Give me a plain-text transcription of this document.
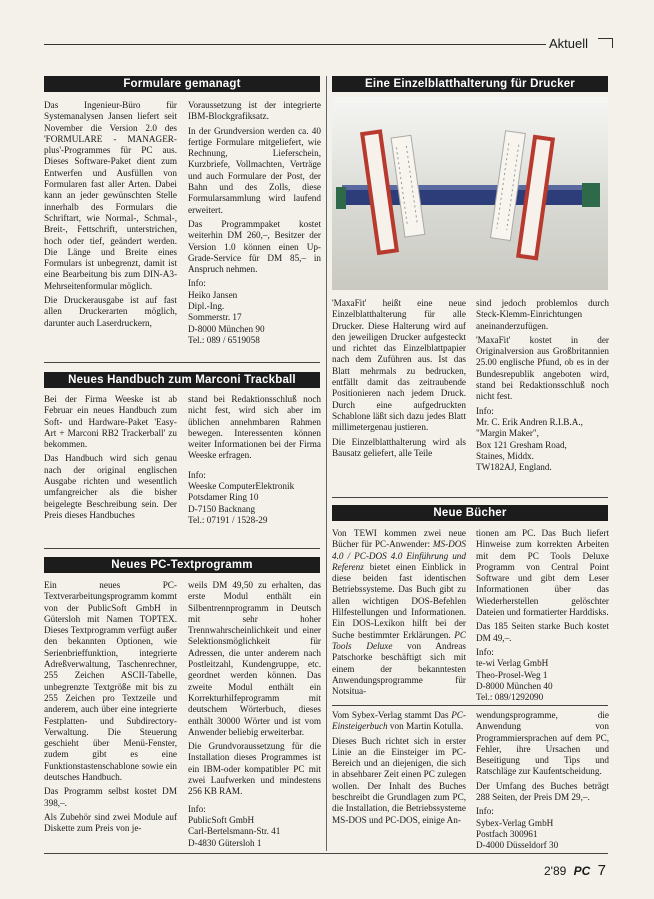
Aktuell
Formulare gemanagt

Das Ingenieur-Büro für Systemanalysen Jansen liefert seit November die Version 2.0 des 'FORMULARE - MANAGER-plus'-Programmes für PC aus. Dieses Software-Paket dient zum Entwerfen und Ausfüllen von Formularen fast aller Arten. Dabei kann an jeder gewünschten Stelle innerhalb des Formulars die Schriftart, wie Normal-, Schmal-, Breit-, Fettschrift, unterstrichen, hoch oder tief, geändert werden. Die Länge und Breite eines Formulars ist unbegrenzt, damit ist eine Bearbeitung bis zum DIN-A3-Mehrseitenformular möglich.

Die Druckerausgabe ist auf fast allen Druckerarten möglich, darunter auch Laserdruckern,

Voraussetzung ist der integrierte IBM-Blockgrafiksatz.

In der Grundversion werden ca. 40 fertige Formulare mitgeliefert, wie Rechnung, Lieferschein, Kurzbriefe, Vollmachten, Verträge und auch Formulare der Post, der Bahn und des Zolls, diese Formularsammlung wird laufend erweitert.

Das Programmpaket kostet weiterhin DM 260,–, Besitzer der Version 1.0 können einen Up-Grade-Service für DM 85,– in Anspruch nehmen.

Info:
Heiko Jansen
Dipl.-Ing.
Sommerstr. 17
D-8000 München 90
Tel.: 089 / 6519058
Neues Handbuch zum Marconi Trackball

Bei der Firma Weeske ist ab Februar ein neues Handbuch zum Soft- und Hardware-Paket 'Easy-Art + Marconi RB2 Trackerball' zu bekommen.

Das Handbuch wird sich genau nach der original englischen Ausgabe richten und wesentlich umfangreicher als die bisher beigelegte Beschreibung sein. Der Preis dieses Handbuches

stand bei Redaktionsschluß noch nicht fest, wird sich aber im üblichen annehmbaren Rahmen bewegen. Interessenten können weiter Informationen bei der Firma Weeske erfragen.

Info:
Weeske ComputerElektronik
Potsdamer Ring 10
D-7150 Backnang
Tel.: 07191 / 1528-29
Neues PC-Textprogramm

Ein neues PC-Textverarbeitungsprogramm kommt von der PublicSoft GmbH in Gütersloh mit Namen TOPTEX. Dieses Textprogramm verfügt außer den bekannten Optionen, wie Serienbrieffunktion, integrierte Adreßverwaltung, Taschenrechner, 255 Zeichen ASCII-Tabelle, unbegrenzte Textgröße mit bis zu 255 Zeichen pro Textzeile und anderem, auch über eine integrierte Festplatten- und Subdirectory-Verwaltung. Die Steuerung geschieht über Menü-Fenster, zudem gibt es eine Funktionstastenschablone sowie ein deutsches Handbuch.

Das Programm selbst kostet DM 398,–.

Als Zubehör sind zwei Module auf Diskette zum Preis von je-

weils DM 49,50 zu erhalten, das erste Modul enthält ein Silbentrennprogramm in Deutsch mit sehr hoher Trennwahrscheinlichkeit und einer Selektionsmöglichkeit für Adressen, die unter anderem nach Postleitzahl, Kundengruppe, etc. geordnet werden können. Das zweite Modul enthält ein Korrekturhilfeprogramm mit deutschem Wörterbuch, dieses enthält 30000 Wörter und ist vom Anwender beliebig erweiterbar.

Die Grundvoraussetzung für die Installation dieses Programmes ist ein IBM-oder kompatibler PC mit zwei Laufwerken und mindestens 256 KB RAM.

Info:
PublicSoft GmbH
Carl-Bertelsmann-Str. 41
D-4830 Gütersloh 1
Eine Einzelblatthalterung für Drucker

'MaxaFit' heißt eine neue Einzelblatthalterung für alle Drucker. Diese Halterung wird auf den jeweiligen Drucker aufgesteckt und richtet das Einzelblattpapier nach dem Zuführen aus. Ist das Blatt mehrmals zu bedrucken, entfällt damit das zeitraubende Positionieren nach jedem Druck. Durch eine aufgedruckten Schablone läßt sich dazu jedes Blatt millimetergenau justieren.

Die Einzelblatthalterung wird als Bausatz geliefert, alle Teile

sind jedoch problemlos durch Steck-Klemm-Einrichtungen aneinanderzufügen.

'MaxaFit' kostet in der Originalversion aus Großbritannien 25.00 englische Pfund, ob es in der Bundesrepublik angeboten wird, stand bei Redaktionsschluß noch nicht fest.

Info:
Mr. C. Erik Andren R.I.B.A.,
"Margin Maker",
Box 121 Gresham Road,
Staines, Middx.
TW182AJ, England.
Neue Bücher

Von TEWI kommen zwei neue Bücher für PC-Anwender: MS-DOS 4.0 / PC-DOS 4.0 Einführung und Referenz bietet einen Einblick in diese beiden fast identischen Betriebssysteme. Das Buch gibt zu allen wichtigen DOS-Befehlen Hilfestellungen und Informationen. Ein DOS-Lexikon hilft bei der Suche bestimmter Erklärungen. PC Tools Deluxe von Andreas Patschorke beschäftigt sich mit einem der bekanntesten Anwendungsprogramme für Notsitua-

tionen am PC. Das Buch liefert Hinweise zum korrekten Arbeiten mit dem PC Tools Deluxe Programm von Central Point Software und gibt dem Leser Informationen über das Wiederherstellen gelöschter Dateien und formatierter Harddisks.

Das 185 Seiten starke Buch kostet DM 49,–.

Info:
te-wi Verlag GmbH
Theo-Prosel-Weg 1
D-8000 München 40
Tel.: 089/1292090

Vom Sybex-Verlag stammt Das PC-Einsteigerbuch von Martin Kotulla.

Dieses Buch richtet sich in erster Linie an die Einsteiger im PC-Bereich und an diejenigen, die sich in absehbarer Zeit einen PC zulegen wollen. Der Inhalt des Buches beschreibt die Grundlagen zum PC, die Installation, die Betriebssysteme MS-DOS und PC-DOS, einige An-

wendungsprogramme, die Anwendung von Programmiersprachen auf dem PC, Fehler, ihre Ursachen und Beseitigung und Tips und Ratschläge zur Kaufentscheidung.

Der Umfang des Buches beträgt 288 Seiten, der Preis DM 29,–.

Info:
Sybex-Verlag GmbH
Postfach 300961
D-4000 Düsseldorf 30
2'89 PC 7
